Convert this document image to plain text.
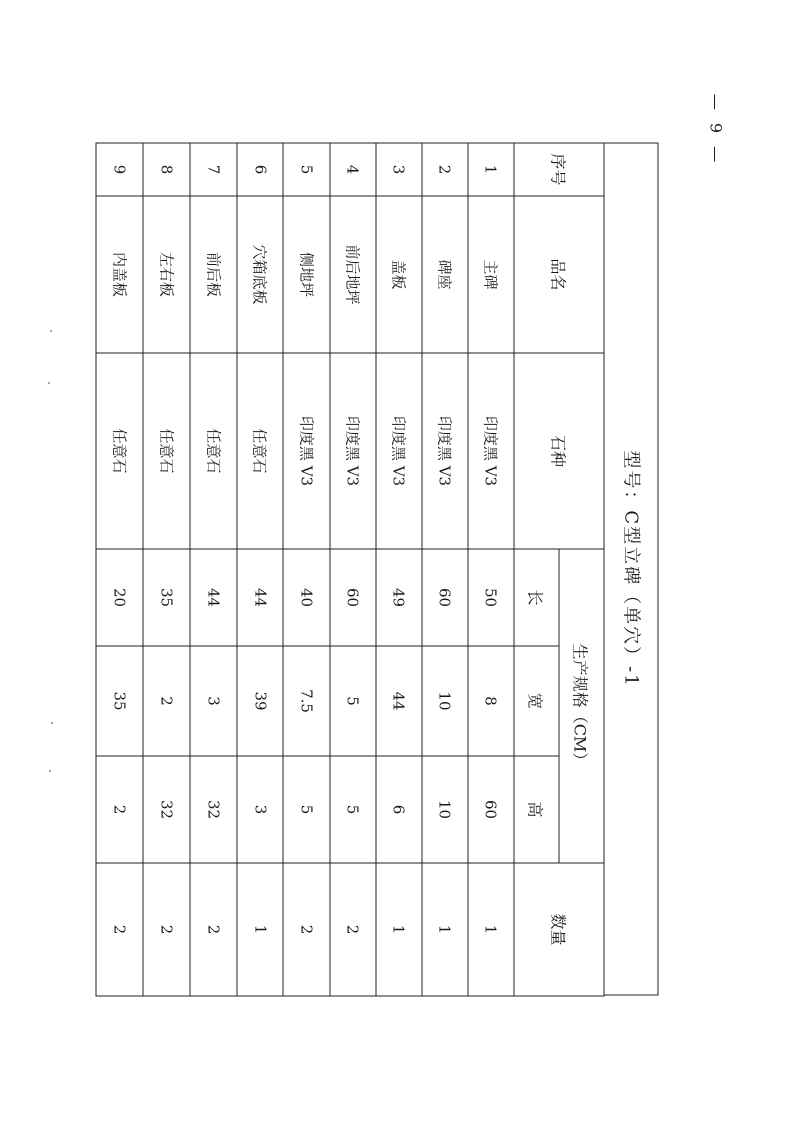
— 9 —
型号：C型立碑（单穴）-1
序号	品名	石种	生产规格（CM）			数量
			长	宽	高	
1	主碑	印度黑 V3	50	8	60	1
2	碑座	印度黑 V3	60	10	10	1
3	盖板	印度黑 V3	49	44	6	1
4	前后地坪	印度黑 V3	60	5	5	2
5	侧地坪	印度黑 V3	40	7.5	5	2
6	穴箱底板	任意石	44	39	3	1
7	前后板	任意石	44	3	32	2
8	左右板	任意石	35	2	32	2
9	内盖板	任意石	20	35	2	2
